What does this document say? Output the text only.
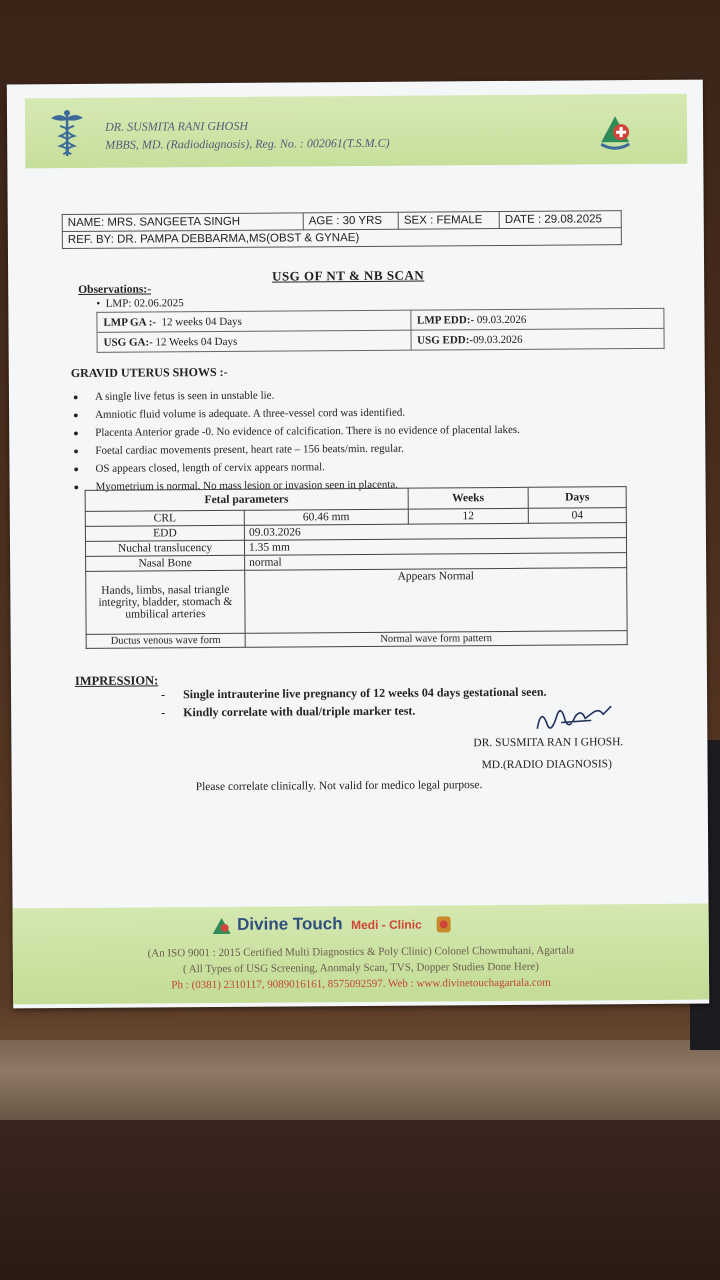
DR. SUSMITA RANI GHOSH
MBBS, MD. (Radiodiagnosis), Reg. No. : 002061(T.S.M.C)
NAME: MRS. SANGEETA SINGH	AGE : 30 YRS	SEX : FEMALE	DATE : 29.08.2025
REF. BY: DR. PAMPA DEBBARMA,MS(OBST & GYNAE)
USG OF NT & NB SCAN
Observations:-
•  LMP: 02.06.2025
LMP GA :- 12 weeks 04 Days	LMP EDD:- 09.03.2026
USG GA:- 12 Weeks 04 Days	USG EDD:-09.03.2026
GRAVID UTERUS SHOWS :-
● A single live fetus is seen in unstable lie.
● Amniotic fluid volume is adequate. A three-vessel cord was identified.
● Placenta Anterior grade -0. No evidence of calcification. There is no evidence of placental lakes.
● Foetal cardiac movements present, heart rate – 156 beats/min. regular.
● OS appears closed, length of cervix appears normal.
● Myometrium is normal. No mass lesion or invasion seen in placenta.
Fetal parameters		Weeks	Days
CRL	60.46 mm	12	04
EDD	09.03.2026		
Nuchal translucency	1.35 mm		
Nasal Bone	normal		
Hands, limbs, nasal triangle integrity, bladder, stomach & umbilical arteries	Appears Normal		
Ductus venous wave form	Normal wave form pattern		
IMPRESSION:
- Single intrauterine live pregnancy of 12 weeks 04 days gestational seen.
- Kindly correlate with dual/triple marker test.
DR. SUSMITA RAN I GHOSH.
MD.(RADIO DIAGNOSIS)
Please correlate clinically. Not valid for medico legal purpose.
Divine Touch Medi - Clinic
(An ISO 9001 : 2015 Certified Multi Diagnostics & Poly Clinic) Colonel Chowmuhani, Agartala
( All Types of USG Screening, Anomaly Scan, TVS, Dopper Studies Done Here)
Ph : (0381) 2310117, 9089016161, 8575092597. Web : www.divinetouchagartala.com
